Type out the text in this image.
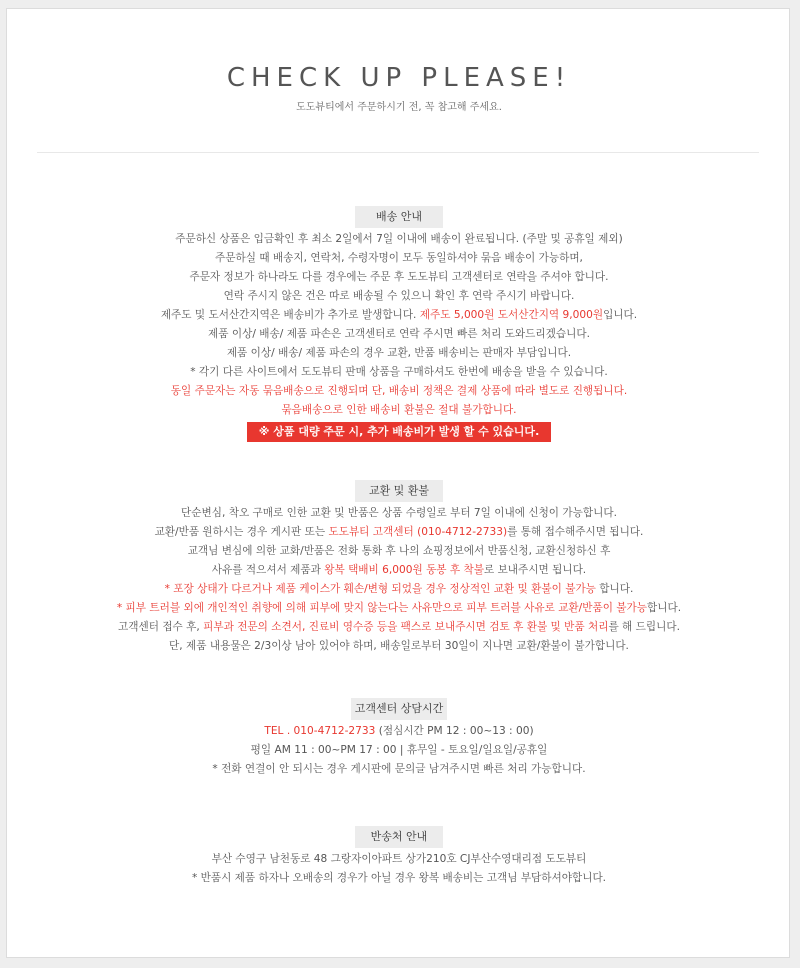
CHECK UP PLEASE!
도도뷰티에서 주문하시기 전, 꼭 참고해 주세요.
배송 안내
주문하신 상품은 입금확인 후 최소 2일에서 7일 이내에 배송이 완료됩니다. (주말 및 공휴일 제외)
주문하실 때 배송지, 연락처, 수령자명이 모두 동일하셔야 묶음 배송이 가능하며,
주문자 정보가 하나라도 다를 경우에는 주문 후 도도뷰티 고객센터로 연락을 주셔야 합니다.
연락 주시지 않은 건은 따로 배송될 수 있으니 확인 후 연락 주시기 바랍니다.
제주도 및 도서산간지역은 배송비가 추가로 발생합니다. 제주도 5,000원 도서산간지역 9,000원입니다.
제품 이상/ 배송/ 제품 파손은 고객센터로 연락 주시면 빠른 처리 도와드리겠습니다.
제품 이상/ 배송/ 제품 파손의 경우 교환, 반품 배송비는 판매자 부담입니다.
* 각기 다른 사이트에서 도도뷰티 판매 상품을 구매하셔도 한번에 배송을 받을 수 있습니다.
동일 주문자는 자동 묶음배송으로 진행되며 단, 배송비 정책은 결제 상품에 따라 별도로 진행됩니다.
묶음배송으로 인한 배송비 환불은 절대 불가합니다.
※ 상품 대량 주문 시, 추가 배송비가 발생 할 수 있습니다.
교환 및 환불
단순변심, 착오 구매로 인한 교환 및 반품은 상품 수령일로 부터 7일 이내에 신청이 가능합니다.
교환/반품 원하시는 경우 게시판 또는 도도뷰티 고객센터 (010-4712-2733)를 통해 접수해주시면 됩니다.
교객님 변심에 의한 교화/반품은 전화 통화 후 나의 쇼핑정보에서 반품신청, 교환신청하신 후
사유를 적으셔서 제품과 왕복 택배비 6,000원 동봉 후 착불로 보내주시면 됩니다.
* 포장 상태가 다르거나 제품 케이스가 훼손/변형 되었을 경우 정상적인 교환 및 환불이 불가능 합니다.
* 피부 트러블 외에 개인적인 취향에 의해 피부에 맞지 않는다는 사유만으로 피부 트러블 사유로 교환/반품이 불가능합니다.
고객센터 접수 후, 피부과 전문의 소견서, 진료비 영수증 등을 팩스로 보내주시면 검토 후 환불 및 반품 처리를 해 드립니다.
단, 제품 내용물은 2/3이상 남아 있어야 하며, 배송일로부터 30일이 지나면 교환/환불이 불가합니다.
고객센터 상담시간
TEL . 010-4712-2733 (점심시간 PM 12 : 00~13 : 00)
평일 AM 11 : 00~PM 17 : 00 | 휴무일 - 토요일/일요일/공휴일
* 전화 연결이 안 되시는 경우 게시판에 문의글 남겨주시면 빠른 처리 가능합니다.
반송처 안내
부산 수영구 남천동로 48 그랑자이아파트 상가210호 CJ부산수영대리점 도도뷰티
* 반품시 제품 하자나 오배송의 경우가 아닐 경우 왕복 배송비는 고객님 부담하셔야합니다.
